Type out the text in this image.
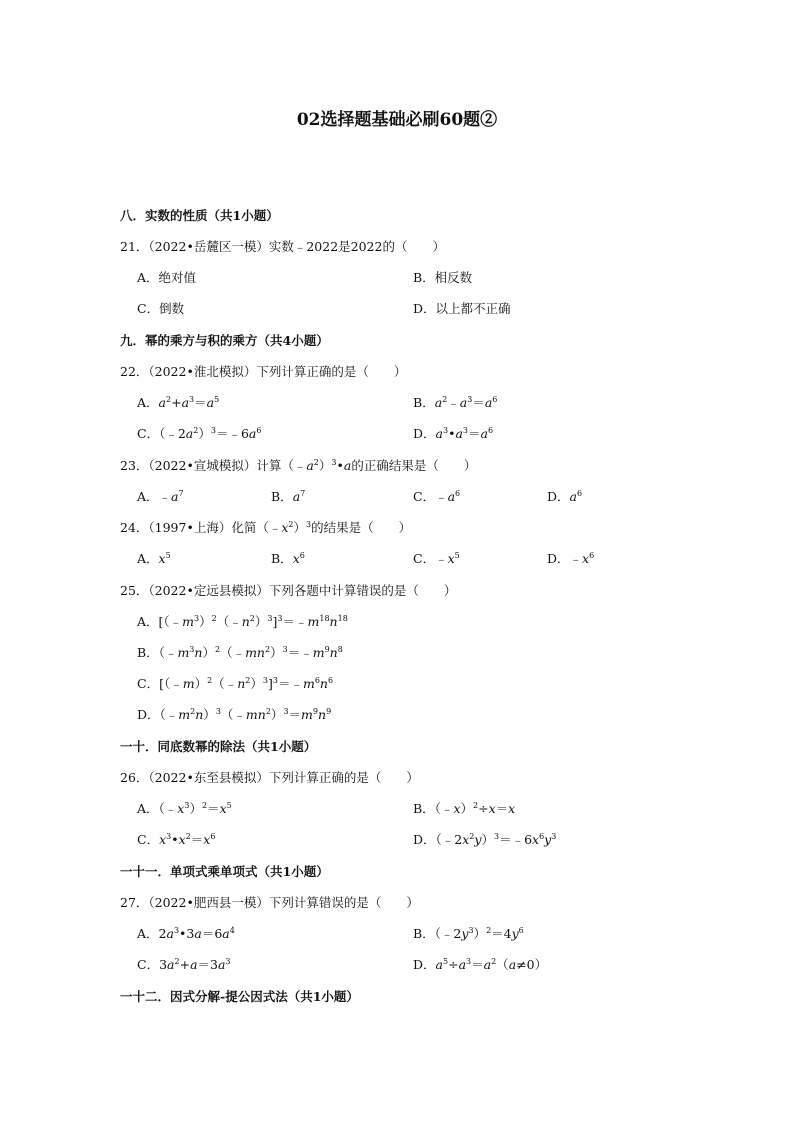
02选择题基础必刷60题②
八．实数的性质（共1小题）
21．（2022•岳麓区一模）实数﹣2022是2022的（　　）
A．绝对值	B．相反数
C．倒数	D．以上都不正确
九．幂的乘方与积的乘方（共4小题）
22．（2022•淮北模拟）下列计算正确的是（　　）
A．$a^2+a^3=a^5$	B．$a^2﹣a^3=a^6$
C．$(﹣2a^2)^3=﹣6a^6$	D．$a^3•a^3=a^6$
23．（2022•宣城模拟）计算$(﹣a^2)^3•a$的正确结果是（　　）
A．$﹣a^7$	B．$a^7$	C．$﹣a^6$	D．$a^6$
24．（1997•上海）化简$(﹣x^2)^3$的结果是（　　）
A．$x^5$	B．$x^6$	C．$﹣x^5$	D．$﹣x^6$
25．（2022•定远县模拟）下列各题中计算错误的是（　　）
A．$[(﹣m^3)^2(﹣n^2)^3]^3=﹣m^{18}n^{18}$
B．$(﹣m^3n)^2(﹣mn^2)^3=﹣m^9n^8$
C．$[(﹣m)^2(﹣n^2)^3]^3=﹣m^6n^6$
D．$(﹣m^2n)^3(﹣mn^2)^3=m^9n^9$
一十．同底数幂的除法（共1小题）
26．（2022•东至县模拟）下列计算正确的是（　　）
A．$(﹣x^3)^2=x^5$	B．（﹣x）$^2$÷x＝x
C．$x^3•x^2=x^6$	D．$(﹣2x^2y)^3=﹣6x^6y^3$
一十一．单项式乘单项式（共1小题）
27．（2022•肥西县一模）下列计算错误的是（　　）
A．$2a^3•3a=6a^4$	B．$(﹣2y^3)^2=4y^6$
C．$3a^2+a=3a^3$	D．$a^5\div a^3=a^2(a\ne 0)$
一十二．因式分解-提公因式法（共1小题）
